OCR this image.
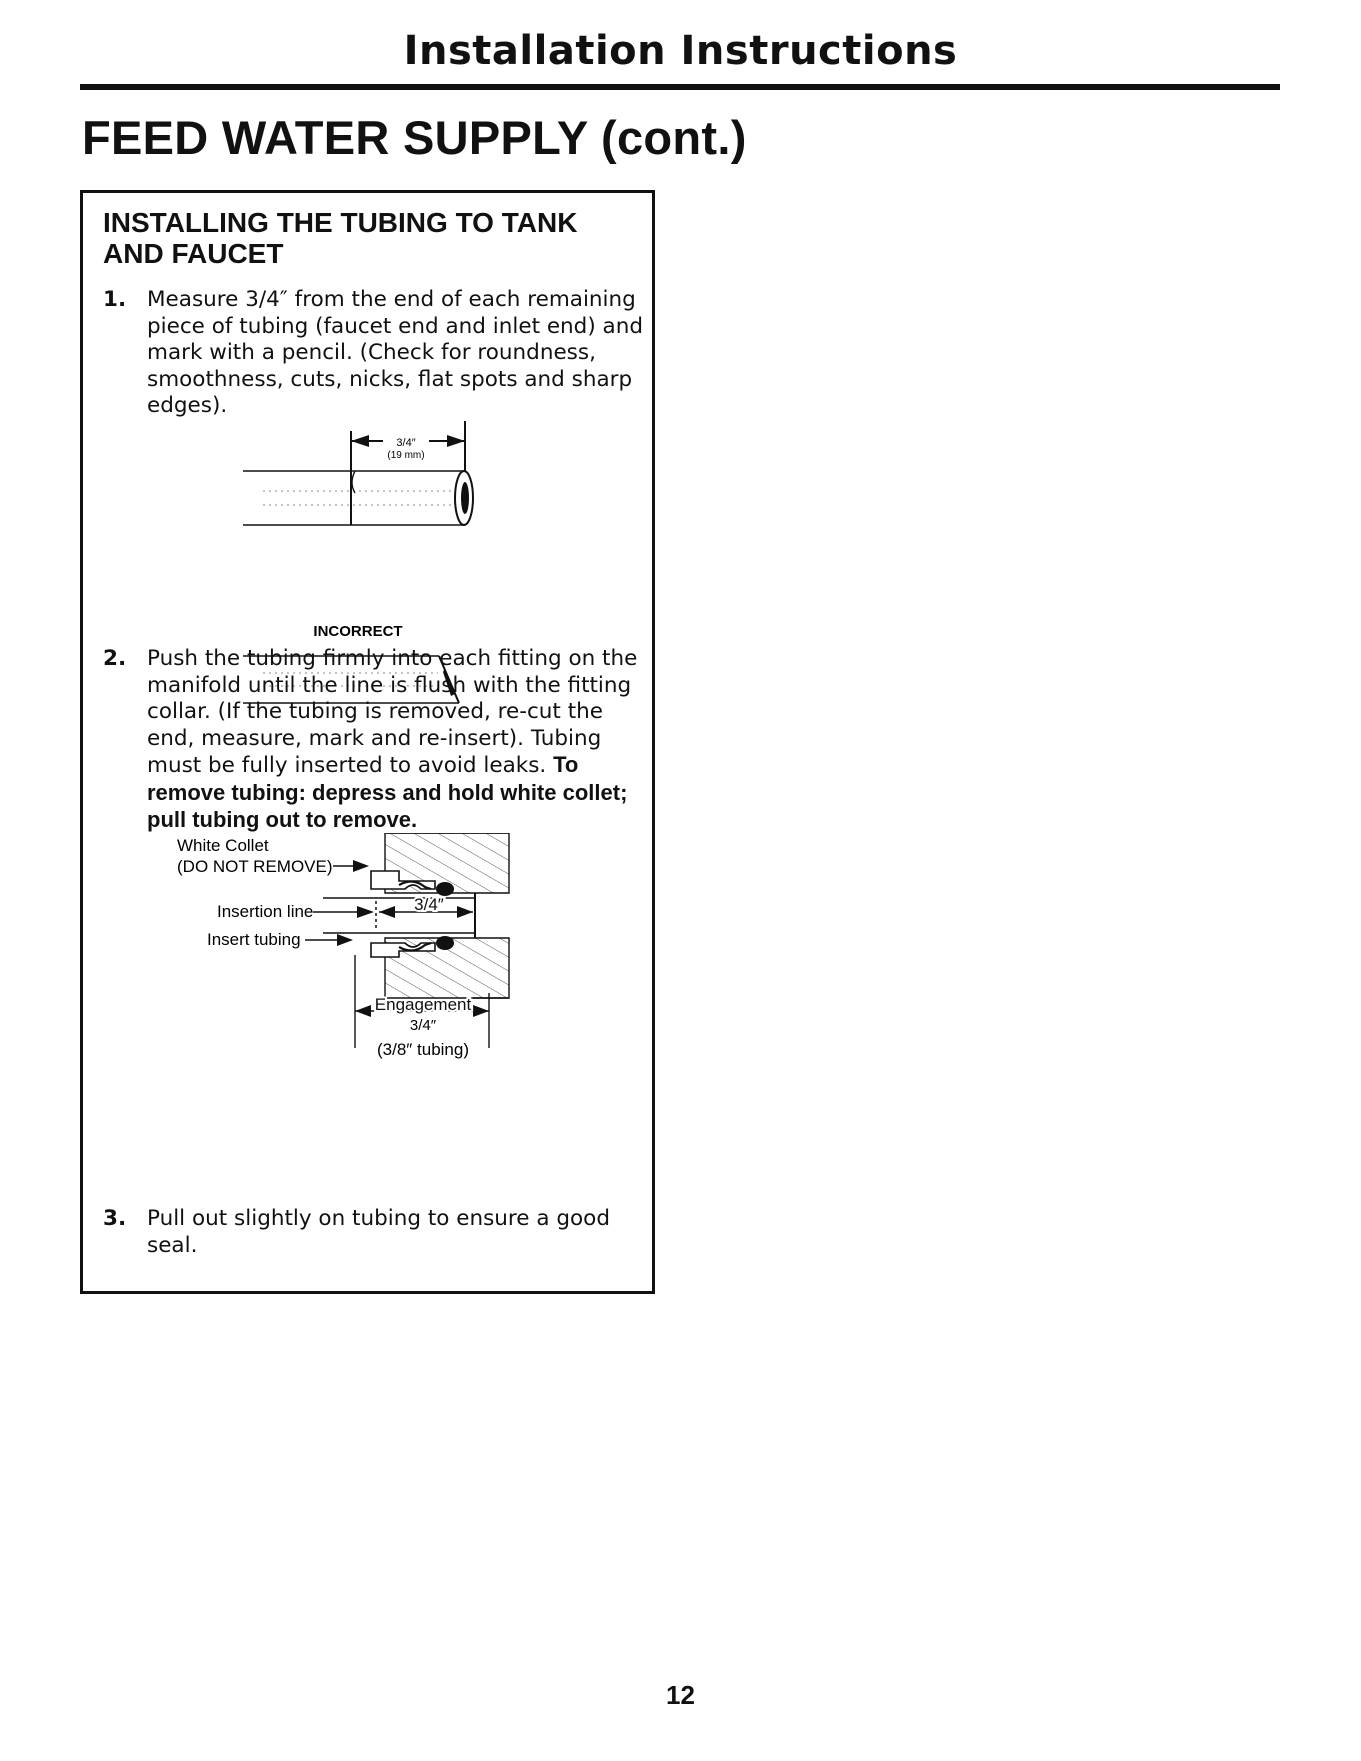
Installation Instructions
FEED WATER SUPPLY (cont.)
INSTALLING THE TUBING TO TANK AND FAUCET
1. Measure 3/4″ from the end of each remaining piece of tubing (faucet end and inlet end) and mark with a pencil. (Check for roundness, smoothness, cuts, nicks, flat spots and sharp edges).
3/4″
(19 mm)
INCORRECT
2. Push the tubing firmly into each fitting on the manifold until the line is flush with the fitting collar. (If the tubing is removed, re-cut the end, measure, mark and re-insert). Tubing must be fully inserted to avoid leaks. To remove tubing: depress and hold white collet; pull tubing out to remove.
White Collet
(DO NOT REMOVE)
Insertion line	3/4″
Insert tubing
Engagement
3/4″
(3/8″ tubing)
3. Pull out slightly on tubing to ensure a good seal.
12
